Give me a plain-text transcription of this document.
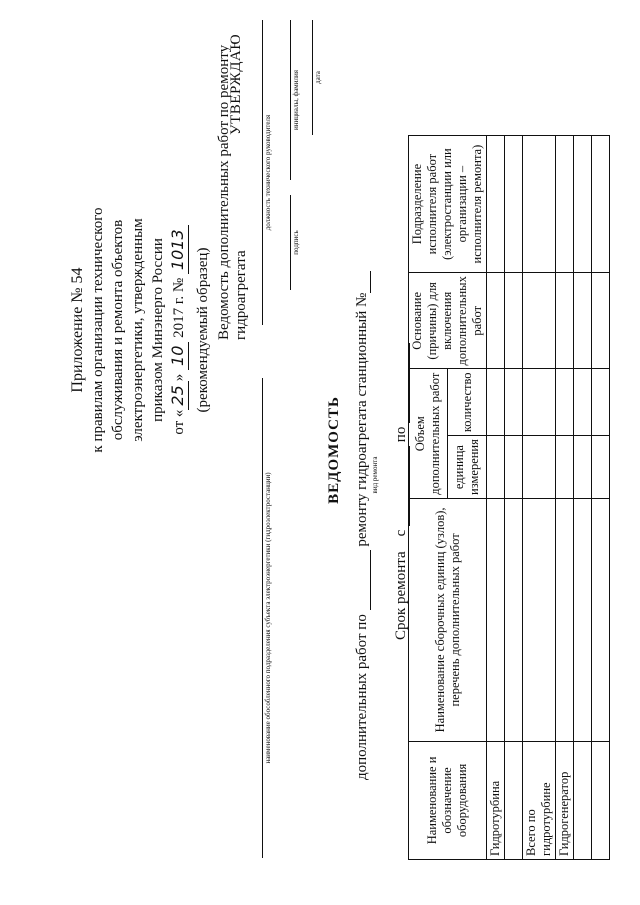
Приложение № 54 к правилам организации технического обслуживания и ремонта объектов электроэнергетики, утвержденным приказом Минэнерго России
от «25» 10 2017 г. № 1013 (рекомендуемый образец) Ведомость дополнительных работ по ремонту гидроагрегата
УТВЕРЖДАЮ
должность технического руководителя
подпись
инициалы, фамилия дата
наименование обособленного подразделения субъекта электроэнергетики (гидроэлектростанции)
ВЕДОМОСТЬ
дополнительных работ по   ремонту гидроагрегата станционный № вид ремонта
Срок ремонта    с   по
Наименование и обозначение оборудования	Наименование сборочных единиц (узлов), перечень дополнительных работ	Объем дополнительных работ		Основание (причины) для включения дополнительных работ	Подразделение исполнителя работ (электростанции или организации – исполнителя ремонта)
		единица измерения	количество		
Гидротурбина					

Всего по гидротурбине					
Гидрогенератор					
